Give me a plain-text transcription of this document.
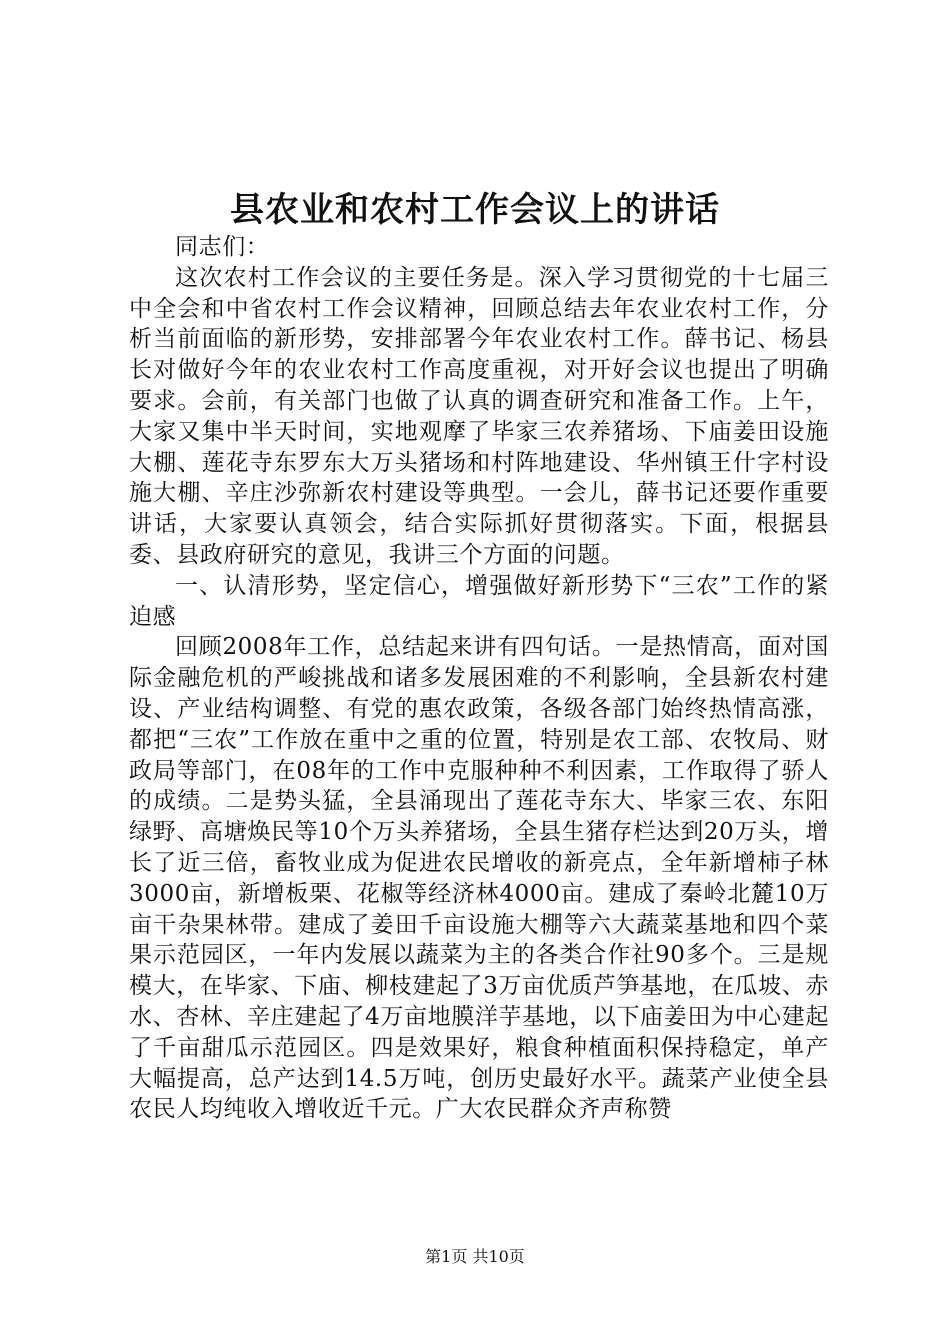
县农业和农村工作会议上的讲话

同志们：

这次农村工作会议的主要任务是。深入学习贯彻党的十七届三中全会和中省农村工作会议精神，回顾总结去年农业农村工作，分析当前面临的新形势，安排部署今年农业农村工作。薛书记、杨县长对做好今年的农业农村工作高度重视，对开好会议也提出了明确要求。会前，有关部门也做了认真的调查研究和准备工作。上午，大家又集中半天时间，实地观摩了毕家三农养猪场、下庙姜田设施大棚、莲花寺东罗东大万头猪场和村阵地建设、华州镇王什字村设施大棚、辛庄沙弥新农村建设等典型。一会儿，薛书记还要作重要讲话，大家要认真领会，结合实际抓好贯彻落实。下面，根据县委、县政府研究的意见，我讲三个方面的问题。

一、认清形势，坚定信心，增强做好新形势下“三农”工作的紧迫感

回顾2008年工作，总结起来讲有四句话。一是热情高，面对国际金融危机的严峻挑战和诸多发展困难的不利影响，全县新农村建设、产业结构调整、有党的惠农政策，各级各部门始终热情高涨，都把“三农”工作放在重中之重的位置，特别是农工部、农牧局、财政局等部门，在08年的工作中克服种种不利因素，工作取得了骄人的成绩。二是势头猛，全县涌现出了莲花寺东大、毕家三农、东阳绿野、高塘焕民等10个万头养猪场，全县生猪存栏达到20万头，增长了近三倍，畜牧业成为促进农民增收的新亮点，全年新增柿子林3000亩，新增板栗、花椒等经济林4000亩。建成了秦岭北麓10万亩干杂果林带。建成了姜田千亩设施大棚等六大蔬菜基地和四个菜果示范园区，一年内发展以蔬菜为主的各类合作社90多个。三是规模大，在毕家、下庙、柳枝建起了3万亩优质芦笋基地，在瓜坡、赤水、杏林、辛庄建起了4万亩地膜洋芋基地，以下庙姜田为中心建起了千亩甜瓜示范园区。四是效果好，粮食种植面积保持稳定，单产大幅提高，总产达到14.5万吨，创历史最好水平。蔬菜产业使全县农民人均纯收入增收近千元。广大农民群众齐声称赞

第1页 共10页
